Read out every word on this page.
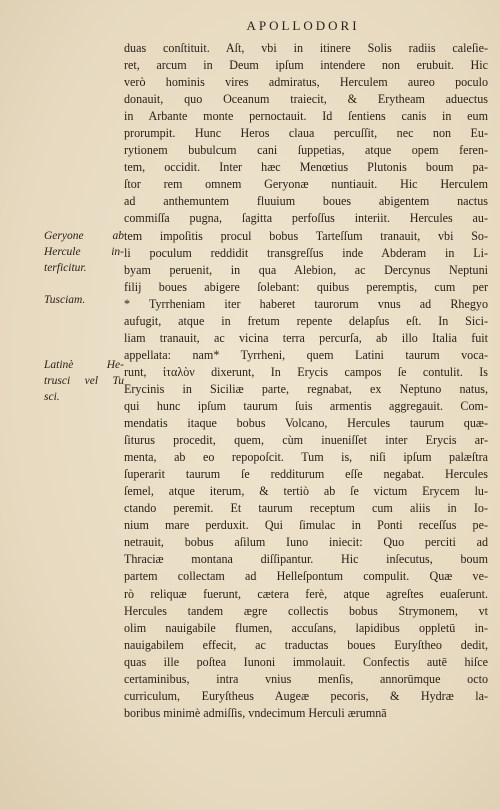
APOLLODORI
Geryone ab
Hercule in-
terficitur.
Tusciam.
Latinè He-
trusci vel Tu
sci.
duas conſtituit. Aſt, vbi in itinere Solis radiis caleſie-
ret, arcum in Deum ipſum intendere non erubuit. Hic
verò hominis vires admiratus, Herculem aureo poculo
donauit, quo Oceanum traiecit, & Erytheam aduectus
in Arbante monte pernoctauit. Id ſentiens canis in eum
prorumpit. Hunc Heros claua percuſſit, nec non Eu-
rytionem bubulcum cani ſuppetias, atque opem feren-
tem, occidit. Inter hæc Menœtius Plutonis boum pa-
ſtor rem omnem Geryonæ nuntiauit. Hic Herculem
ad anthemuntem fluuium boues abigentem nactus
commiſſa pugna, ſagitta perfoſſus interiit. Hercules au-
tem impoſitis procul bobus Tarteſſum tranauit, vbi So-
li poculum reddidit transgreſſus inde Abderam in Li-
byam peruenit, in qua Alebion, ac Dercynus Neptuni
filij boues abigere ſolebant: quibus peremptis, cum per
* Tyrrheniam iter haberet taurorum vnus ad Rhegyo
aufugit, atque in fretum repente delapſus eſt. In Sici-
liam tranauit, ac vicina terra percurſa, ab illo Italia fuit
appellata: nam* Tyrrheni, quem Latini taurum voca-
runt, ἰταλὸν dixerunt, In Erycis campos ſe contulit. Is
Erycinis in Siciliæ parte, regnabat, ex Neptuno natus,
qui hunc ipſum taurum ſuis armentis aggregauit. Com-
mendatis itaque bobus Volcano, Hercules taurum quæ-
ſiturus procedit, quem, cùm inueniſſet inter Erycis ar-
menta, ab eo repopoſcit. Tum is, niſi ipſum palæſtra
ſuperarit taurum ſe redditurum eſſe negabat. Hercules
ſemel, atque iterum, & tertiò ab ſe victum Erycem lu-
ctando peremit. Et taurum receptum cum aliis in Io-
nium mare perduxit. Qui ſimulac in Ponti receſſus pe-
netrauit, bobus aſilum Iuno iniecit: Quo perciti ad
Thraciæ montana diſſipantur. Hic inſecutus, boum
partem collectam ad Helleſpontum compulit. Quæ ve-
rò reliquæ fuerunt, cætera ferè, atque agreſtes euaſerunt.
Hercules tandem ægre collectis bobus Strymonem, vt
olim nauigabile flumen, accuſans, lapidibus oppletū in-
nauigabilem effecit, ac traductas boues Euryſtheo dedit,
quas ille poſtea Iunoni immolauit. Confectis autē hiſce
certaminibus, intra vnius menſis, annorūmque octo
curriculum, Euryſtheus Augeæ pecoris, & Hydræ la-
boribus minimè admiſſis, vndecimum Herculi ærumnā
